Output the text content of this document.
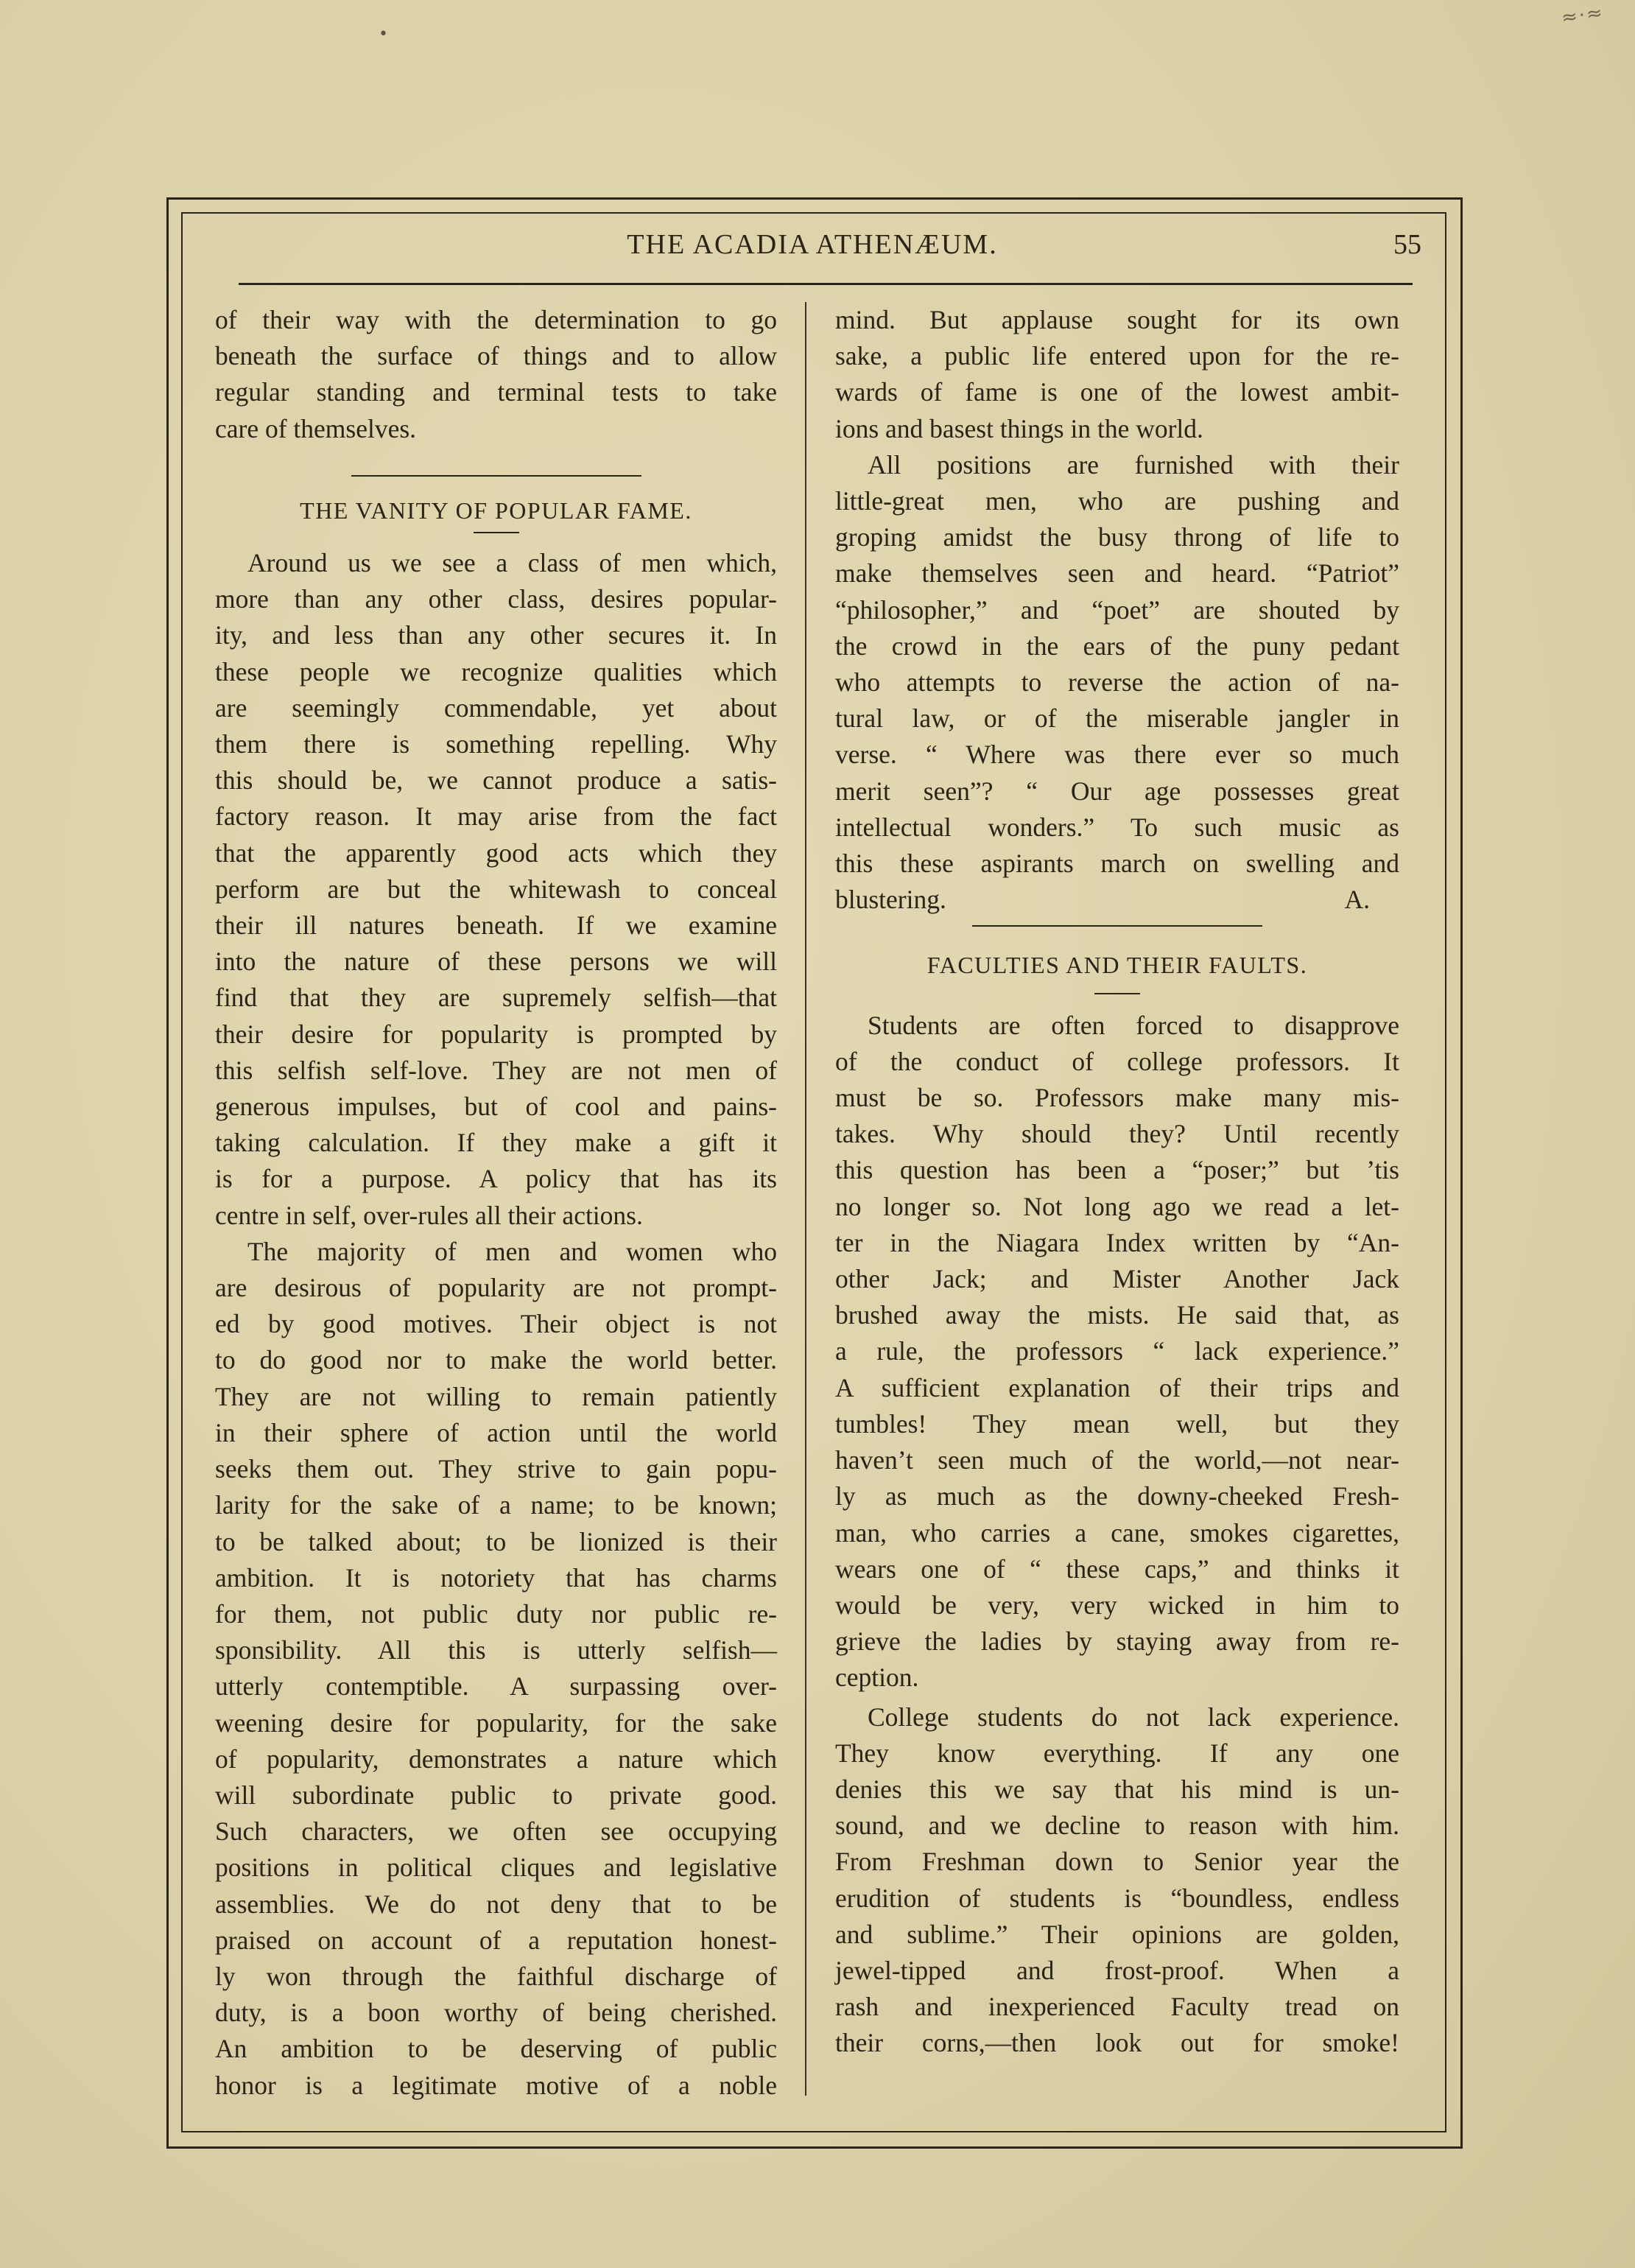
•
≈·≈
THE ACADIA ATHENÆUM.	55
of their way with the determination to go
beneath the surface of things and to allow
regular standing and terminal tests to take
care of themselves.
THE VANITY OF POPULAR FAME.
Around us we see a class of men which,
more than any other class, desires popular-
ity, and less than any other secures it. In
these people we recognize qualities which
are seemingly commendable, yet about
them there is something repelling. Why
this should be, we cannot produce a satis-
factory reason. It may arise from the fact
that the apparently good acts which they
perform are but the whitewash to conceal
their ill natures beneath. If we examine
into the nature of these persons we will
find that they are supremely selfish—that
their desire for popularity is prompted by
this selfish self-love. They are not men of
generous impulses, but of cool and pains-
taking calculation. If they make a gift it
is for a purpose. A policy that has its
centre in self, over-rules all their actions.
The majority of men and women who
are desirous of popularity are not prompt-
ed by good motives. Their object is not
to do good nor to make the world better.
They are not willing to remain patiently
in their sphere of action until the world
seeks them out. They strive to gain popu-
larity for the sake of a name; to be known;
to be talked about; to be lionized is their
ambition. It is notoriety that has charms
for them, not public duty nor public re-
sponsibility. All this is utterly selfish—
utterly contemptible. A surpassing over-
weening desire for popularity, for the sake
of popularity, demonstrates a nature which
will subordinate public to private good.
Such characters, we often see occupying
positions in political cliques and legislative
assemblies. We do not deny that to be
praised on account of a reputation honest-
ly won through the faithful discharge of
duty, is a boon worthy of being cherished.
An ambition to be deserving of public
honor is a legitimate motive of a noble
mind. But applause sought for its own
sake, a public life entered upon for the re-
wards of fame is one of the lowest ambit-
ions and basest things in the world.
All positions are furnished with their
little-great men, who are pushing and
groping amidst the busy throng of life to
make themselves seen and heard. “Patriot”
“philosopher,” and “poet” are shouted by
the crowd in the ears of the puny pedant
who attempts to reverse the action of na-
tural law, or of the miserable jangler in
verse. “ Where was there ever so much
merit seen”? “ Our age possesses great
intellectual wonders.” To such music as
this these aspirants march on swelling and
blustering.	A.
FACULTIES AND THEIR FAULTS.
Students are often forced to disapprove
of the conduct of college professors. It
must be so. Professors make many mis-
takes. Why should they? Until recently
this question has been a “poser;” but ’tis
no longer so. Not long ago we read a let-
ter in the Niagara Index written by “An-
other Jack; and Mister Another Jack
brushed away the mists. He said that, as
a rule, the professors “ lack experience.”
A sufficient explanation of their trips and
tumbles! They mean well, but they
haven’t seen much of the world,—not near-
ly as much as the downy-cheeked Fresh-
man, who carries a cane, smokes cigarettes,
wears one of “ these caps,” and thinks it
would be very, very wicked in him to
grieve the ladies by staying away from re-
ception.
College students do not lack experience.
They know everything. If any one
denies this we say that his mind is un-
sound, and we decline to reason with him.
From Freshman down to Senior year the
erudition of students is “boundless, endless
and sublime.” Their opinions are golden,
jewel-tipped and frost-proof. When a
rash and inexperienced Faculty tread on
their corns,—then look out for smoke!
